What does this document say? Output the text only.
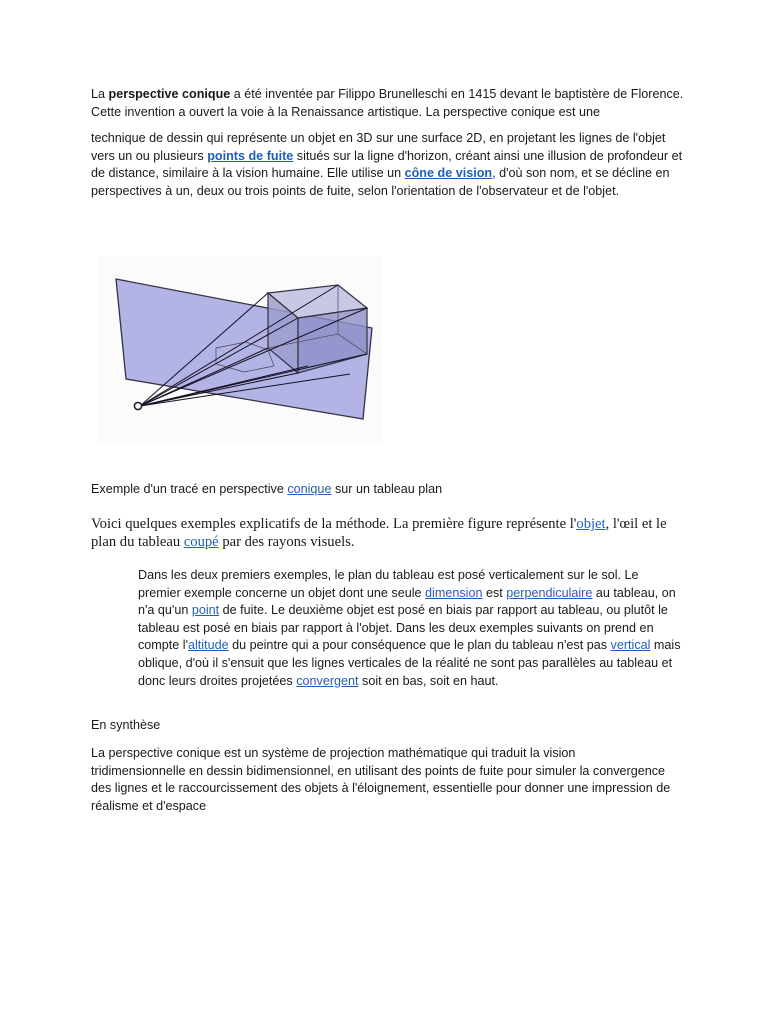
La perspective conique a été inventée par Filippo Brunelleschi en 1415 devant le baptistère de Florence. Cette invention a ouvert la voie à la Renaissance artistique. La perspective conique est une

technique de dessin qui représente un objet en 3D sur une surface 2D, en projetant les lignes de l'objet vers un ou plusieurs points de fuite situés sur la ligne d'horizon, créant ainsi une illusion de profondeur et de distance, similaire à la vision humaine. Elle utilise un cône de vision, d'où son nom, et se décline en perspectives à un, deux ou trois points de fuite, selon l'orientation de l'observateur et de l'objet.

Exemple d'un tracé en perspective conique sur un tableau plan

Voici quelques exemples explicatifs de la méthode. La première figure représente l'objet, l'œil et le plan du tableau coupé par des rayons visuels.

Dans les deux premiers exemples, le plan du tableau est posé verticalement sur le sol. Le premier exemple concerne un objet dont une seule dimension est perpendiculaire au tableau, on n'a qu'un point de fuite. Le deuxième objet est posé en biais par rapport au tableau, ou plutôt le tableau est posé en biais par rapport à l'objet. Dans les deux exemples suivants on prend en compte l'altitude du peintre qui a pour conséquence que le plan du tableau n'est pas vertical mais oblique, d'où il s'ensuit que les lignes verticales de la réalité ne sont pas parallèles au tableau et donc leurs droites projetées convergent soit en bas, soit en haut.

En synthèse

La perspective conique est un système de projection mathématique qui traduit la vision tridimensionnelle en dessin bidimensionnel, en utilisant des points de fuite pour simuler la convergence des lignes et le raccourcissement des objets à l'éloignement, essentielle pour donner une impression de réalisme et d'espace
